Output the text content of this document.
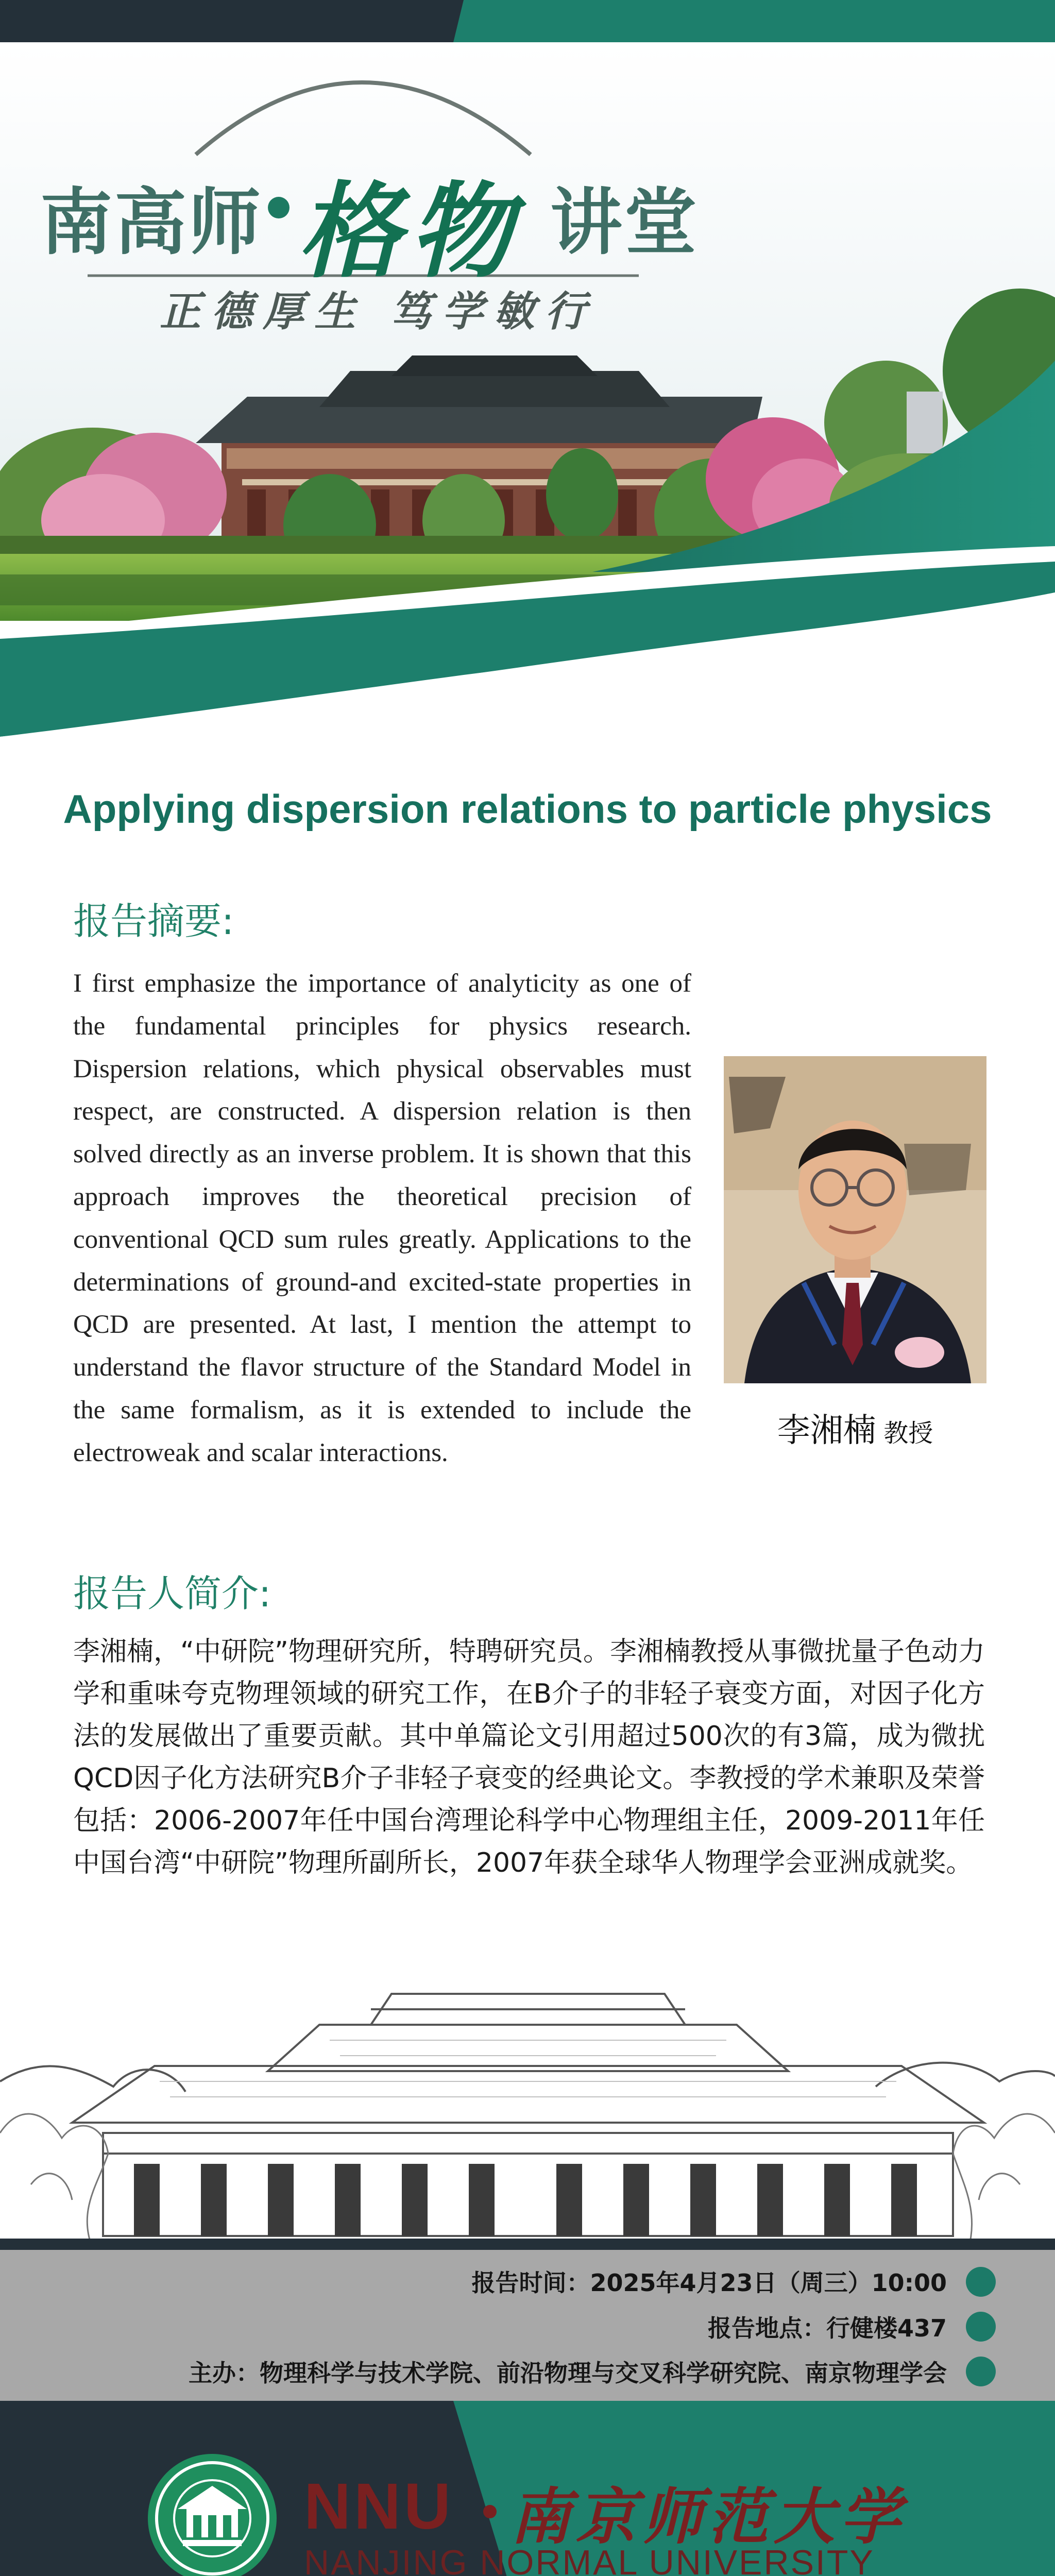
南高师 格物 讲堂
正德厚生 笃学敏行
Applying dispersion relations to particle physics
报告摘要:
I first emphasize the importance of analyticity as one of the fundamental principles for physics research. Dispersion relations, which physical observables must respect, are constructed. A dispersion relation is then solved directly as an inverse problem. It is shown that this approach improves the theoretical precision of conventional QCD sum rules greatly. Applications to the determinations of ground-and excited-state properties in QCD are presented. At last, I mention the attempt to understand the flavor structure of the Standard Model in the same formalism, as it is extended to include the electroweak and scalar interactions.
李湘楠 教授
报告人简介:
李湘楠，“中研院”物理研究所，特聘研究员。李湘楠教授从事微扰量子色动力学和重味夸克物理领域的研究工作，在B介子的非轻子衰变方面，对因子化方法的发展做出了重要贡献。其中单篇论文引用超过500次的有3篇，成为微扰QCD因子化方法研究B介子非轻子衰变的经典论文。李教授的学术兼职及荣誉包括：2006-2007年任中国台湾理论科学中心物理组主任，2009-2011年任中国台湾“中研院”物理所副所长，2007年获全球华人物理学会亚洲成就奖。
报告时间：2025年4月23日（周三）10:00
报告地点：行健楼437
主办：物理科学与技术学院、前沿物理与交叉科学研究院、南京物理学会
NNU 南京师范大学
NANJING NORMAL UNIVERSITY
